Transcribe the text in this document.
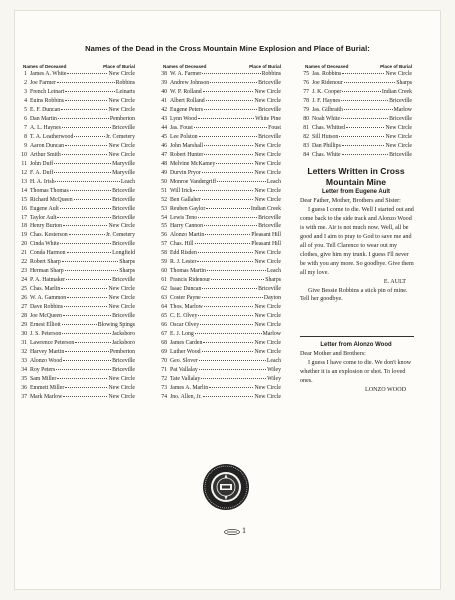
Names of the Dead in the Cross Mountain Mine Explosion and Place of Burial:
Names of Deceased	Place of Burial
1 James A. White	New Circle
2 Joe Farmer	Robbins
3 French Leinart	Leinarts
4 Euins Robbins	New Circle
5 E. F. Duncan	New Circle
6 Dan Martin	Pemberton
7 A. L. Haynes	Briceville
8 T. A. Leatherwood	Jr. Cemetery
9 Aaron Duncan	New Circle
10 Arthur Smith	New Circle
11 John Duff	Maryville
12 F. A. Duff	Maryville
13 H. A. Irish	Leach
14 Thomas Thomas	Briceville
15 Richard McQueen	Briceville
16 Eugene Ault	Briceville
17 Taylor Ault	Briceville
18 Henry Burton	New Circle
19 Chas. Kesterson	Jr. Cemetery
20 Cinda White	Briceville
21 Conda Harmon	Longfield
22 Robert Sharp	Sharps
23 Herman Sharp	Sharps
24 P. A. Hatmaker	Briceville
25 Chas. Marlin	New Circle
26 W. A. Gammon	New Circle
27 Dave Robbins	New Circle
28 Joe McQueen	Briceville
29 Ernest Elliott	Blowing Spings
30 J. S. Peterson	Jacksboro
31 Lawrence Peterson	Jacksboro
32 Harvey Martin	Pemberton
33 Alonzo Wood	Briceville
34 Roy Peters	Briceville
35 Sam Miller	New Circle
36 Emmett Miller	New Circle
37 Mark Marlow	New Circle
Names of Deceased	Place of Burial
38 W. A. Farmer	Robbins
39 Andrew Johnson	Briceville
40 W. P. Rolland	New Circle
41 Albert Rolland	New Circle
42 Eugene Peters	Briceville
43 Lynn Wood	White Pine
44 Jas. Foust	Foust
45 Lee Polston	Briceville
46 John Marshall	New Circle
47 Robert Hunter	New Circle
48 Melvine McKamey	New Circle
49 Durvin Pryor	New Circle
50 Monroe Vandergriff	Leach
51 Will Irick	New Circle
52 Ben Gallaher	New Circle
53 Reuben Gaylor	Indian Creek
54 Lewis Teno	Briceville
55 Harry Cannon	Briceville
56 Alonzo Martin	Pleasant Hill
57 Chas. Hill	Pleasant Hill
58 Edd Risden	New Circle
59 R. J. Lester	New Circle
60 Thomas Martin	Leach
61 Francis Ridenour	Sharps
62 Isaac Duncan	Briceville
63 Coster Payne	Dayton
64 Thos. Marlow	New Circle
65 C. E. Olvey	New Circle
66 Oscar Olvey	New Circle
67 E. J. Long	Marlow
68 James Carden	New Circle
69 Luther Wood	New Circle
70 Geo. Slover	Leach
71 Pat Vallalay	Wiley
72 Tate Vallalay	Wiley
73 James A. Marlin	New Circle
74 Jno. Allen, Jr.	New Circle
Names of Deceased	Place of Burial
75 Jas. Robbins	New Circle
76 Joe Ridenour	Sharps
77 J. K. Cooper	Indian Creek
78 J. F. Haynes	Briceville
79 Jas. Gilbraith	Marlow
80 Noah White	Briceville
81 Chas. Whitted	New Circle
82 Sill Hutson	New Circle
83 Dan Phillips	New Circle
84 Chas. White	Briceville
Letters Written in Cross Mountain Mine
Letter from Eugene Ault

Dear Father, Mother, Brothers and Sister:

I guess I come to die. Well I started out and come back to the side track and Alonzo Wood is with me. Air is not much now. Well, all be good and I aim to pray to God to save me and all of you. Tell Clarence to wear out my clothes, give him my trunk. I guess I'll never be with you any more. So goodbye. Give them all my love.

E. AULT

Give Bessie Robbins a stick pin of mine. Tell her goodbye.

Letter from Alonzo Wood

Dear Mother and Brothers:

I guess I have come to die. We don't know whether it is an explosion or shot. To loved ones.

LONZO WOOD

1
